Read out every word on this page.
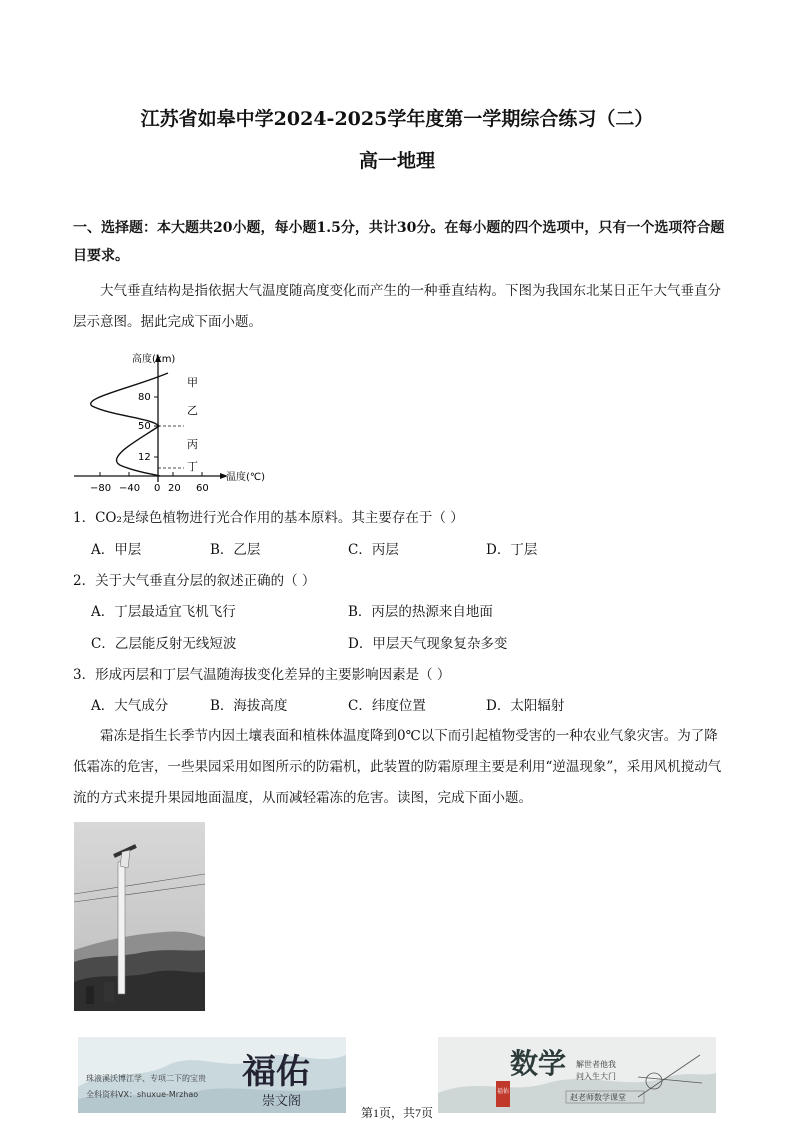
江苏省如皋中学2024-2025学年度第一学期综合练习（二）
高一地理
一、选择题：本大题共20小题，每小题1.5分，共计30分。在每小题的四个选项中，只有一个选项符合题目要求。
大气垂直结构是指依据大气温度随高度变化而产生的一种垂直结构。下图为我国东北某日正午大气垂直分层示意图。据此完成下面小题。
高度(km)
温度(℃)
80
50
12
−80 −40 0 20 60
甲
乙
丙
丁
1．CO₂是绿色植物进行光合作用的基本原料。其主要存在于（ ）
A．甲层	B．乙层	C．丙层	D．丁层
2．关于大气垂直分层的叙述正确的（ ）
A．丁层最适宜飞机飞行	B．丙层的热源来自地面
C．乙层能反射无线短波	D．甲层天气现象复杂多变
3．形成丙层和丁层气温随海拔变化差异的主要影响因素是（ ）
A．大气成分	B．海拔高度	C．纬度位置	D．太阳辐射
霜冻是指生长季节内因土壤表面和植株体温度降到0℃以下而引起植物受害的一种农业气象灾害。为了降低霜冻的危害，一些果园采用如图所示的防霜机，此装置的防霜原理主要是利用“逆温现象”，采用风机搅动气流的方式来提升果园地面温度，从而减轻霜冻的危害。读图，完成下面小题。
珠液溪沃博江学、专项二下的宝贵
全科资料VX：shuxue-Mrzhao
福佑
崇文阁
数学
福佑
解世者他我
问入生大门
赵老师数学课堂
第1页，共7页
